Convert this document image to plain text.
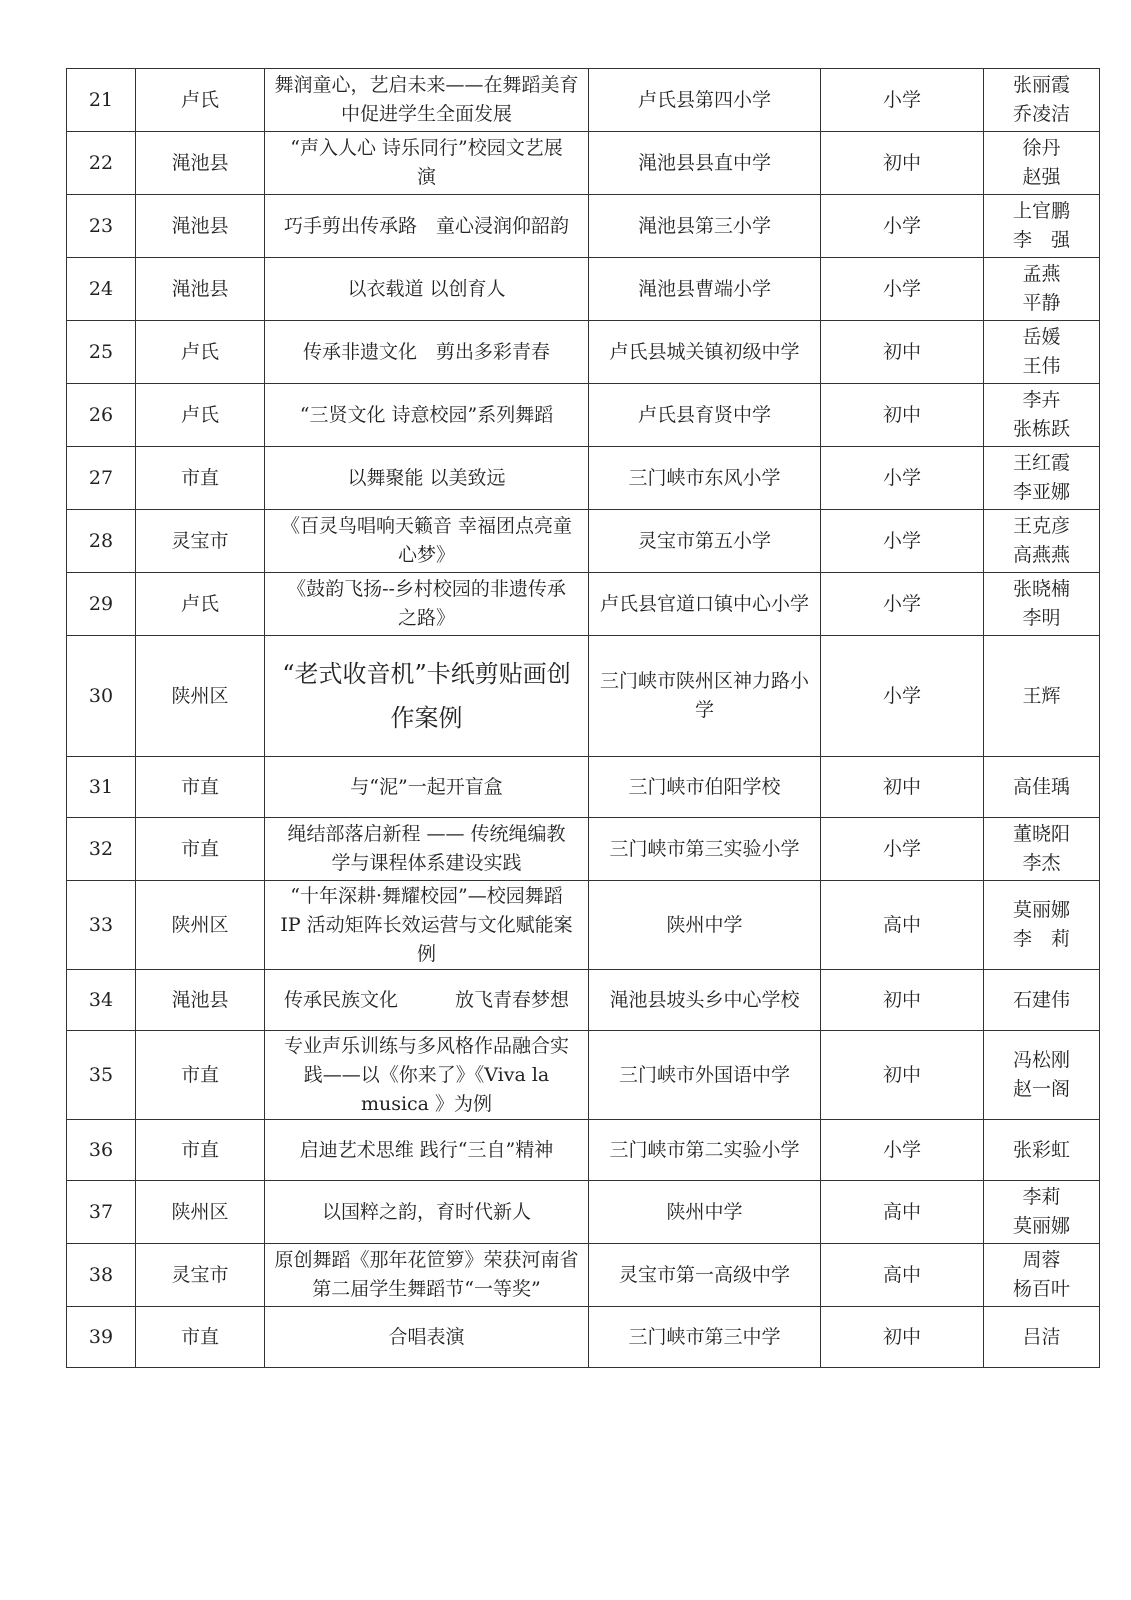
21	卢氏	舞润童心，艺启未来——在舞蹈美育
中促进学生全面发展	卢氏县第四小学	小学	张丽霞
乔凌洁

22	渑池县	“声入人心 诗乐同行”校园文艺展
演	渑池县县直中学	初中	徐丹
赵强

23	渑池县	巧手剪出传承路　童心浸润仰韶韵	渑池县第三小学	小学	上官鹏
李　强

24	渑池县	以衣载道 以创育人	渑池县曹端小学	小学	孟燕
平静

25	卢氏	传承非遗文化　剪出多彩青春	卢氏县城关镇初级中学	初中	岳媛
王伟

26	卢氏	“三贤文化 诗意校园”系列舞蹈	卢氏县育贤中学	初中	李卉
张栋跃

27	市直	以舞聚能 以美致远	三门峡市东风小学	小学	王红霞
李亚娜

28	灵宝市	《百灵鸟唱响天籁音 幸福团点亮童
心梦》	灵宝市第五小学	小学	王克彦
高燕燕

29	卢氏	《鼓韵飞扬--乡村校园的非遗传承
之路》	卢氏县官道口镇中心小学	小学	张晓楠
李明

30	陕州区	“老式收音机”卡纸剪贴画创
作案例	三门峡市陕州区神力路小
学	小学	王辉

31	市直	与“泥”一起开盲盒	三门峡市伯阳学校	初中	高佳瑀

32	市直	绳结部落启新程 —— 传统绳编教
学与课程体系建设实践	三门峡市第三实验小学	小学	董晓阳
李杰

33	陕州区	“十年深耕·舞耀校园”—校园舞蹈
IP 活动矩阵长效运营与文化赋能案
例	陕州中学	高中	莫丽娜
李　莉

34	渑池县	传承民族文化　　　放飞青春梦想	渑池县坡头乡中心学校	初中	石建伟

35	市直	专业声乐训练与多风格作品融合实
践——以《你来了》《Viva la
musica 》为例	三门峡市外国语中学	初中	冯松刚
赵一阁

36	市直	启迪艺术思维 践行“三自”精神	三门峡市第二实验小学	小学	张彩虹

37	陕州区	以国粹之韵，育时代新人	陕州中学	高中	李莉
莫丽娜

38	灵宝市	原创舞蹈《那年花笸箩》荣获河南省
第二届学生舞蹈节“一等奖”	灵宝市第一高级中学	高中	周蓉
杨百叶

39	市直	合唱表演	三门峡市第三中学	初中	吕洁
